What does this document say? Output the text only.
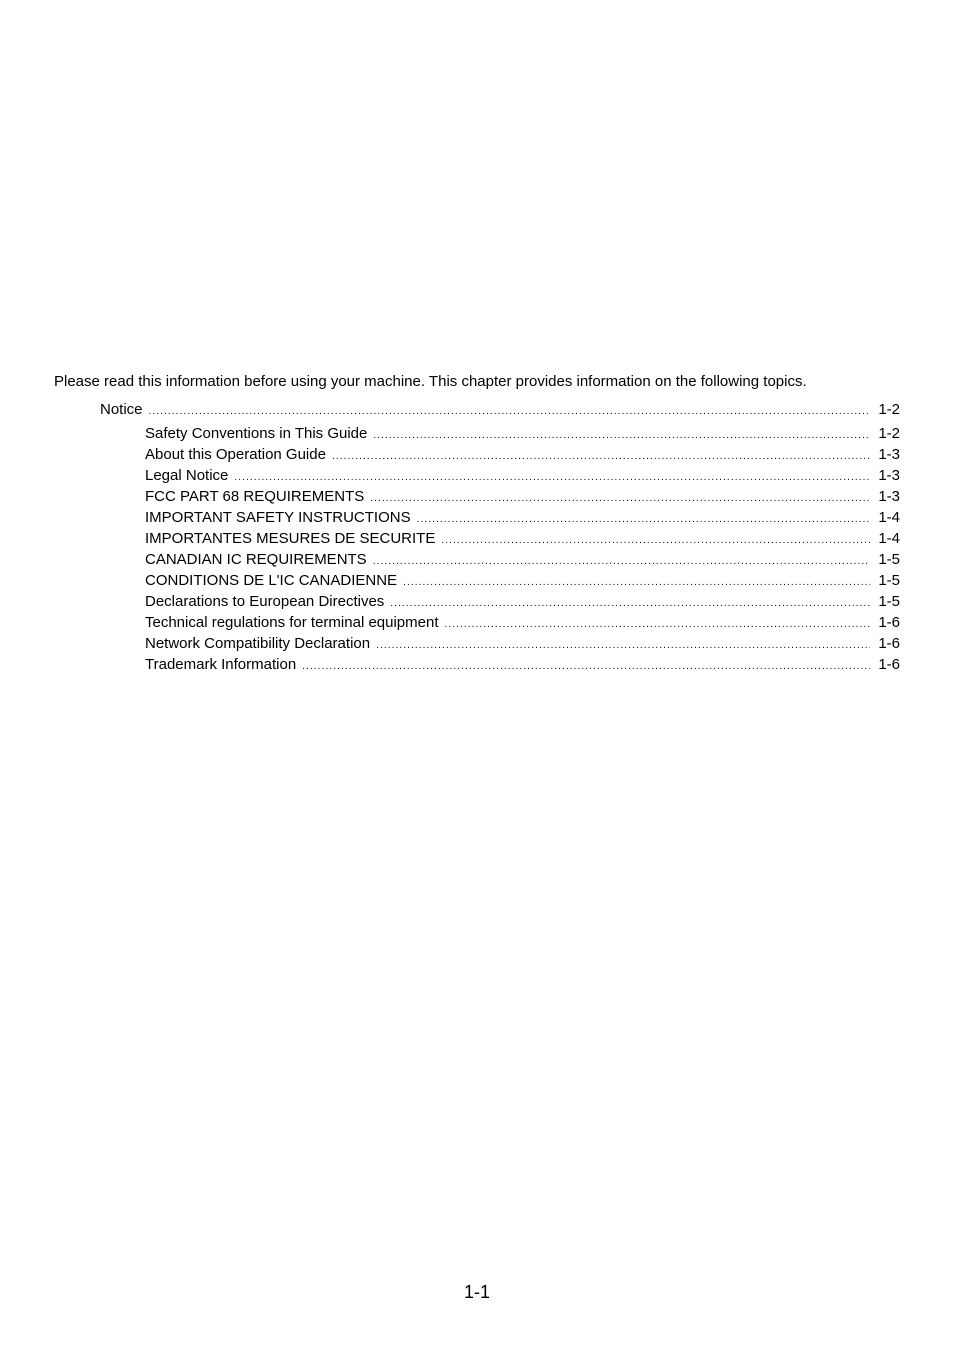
Please read this information before using your machine. This chapter provides information on the following topics.
Notice .....	1-2
Safety Conventions in This Guide .....	1-2
About this Operation Guide .....	1-3
Legal Notice .....	1-3
FCC PART 68 REQUIREMENTS .....	1-3
IMPORTANT SAFETY INSTRUCTIONS .....	1-4
IMPORTANTES MESURES DE SECURITE .....	1-4
CANADIAN IC REQUIREMENTS .....	1-5
CONDITIONS DE L'IC CANADIENNE .....	1-5
Declarations to European Directives .....	1-5
Technical regulations for terminal equipment .....	1-6
Network Compatibility Declaration .....	1-6
Trademark Information .....	1-6
1-1
